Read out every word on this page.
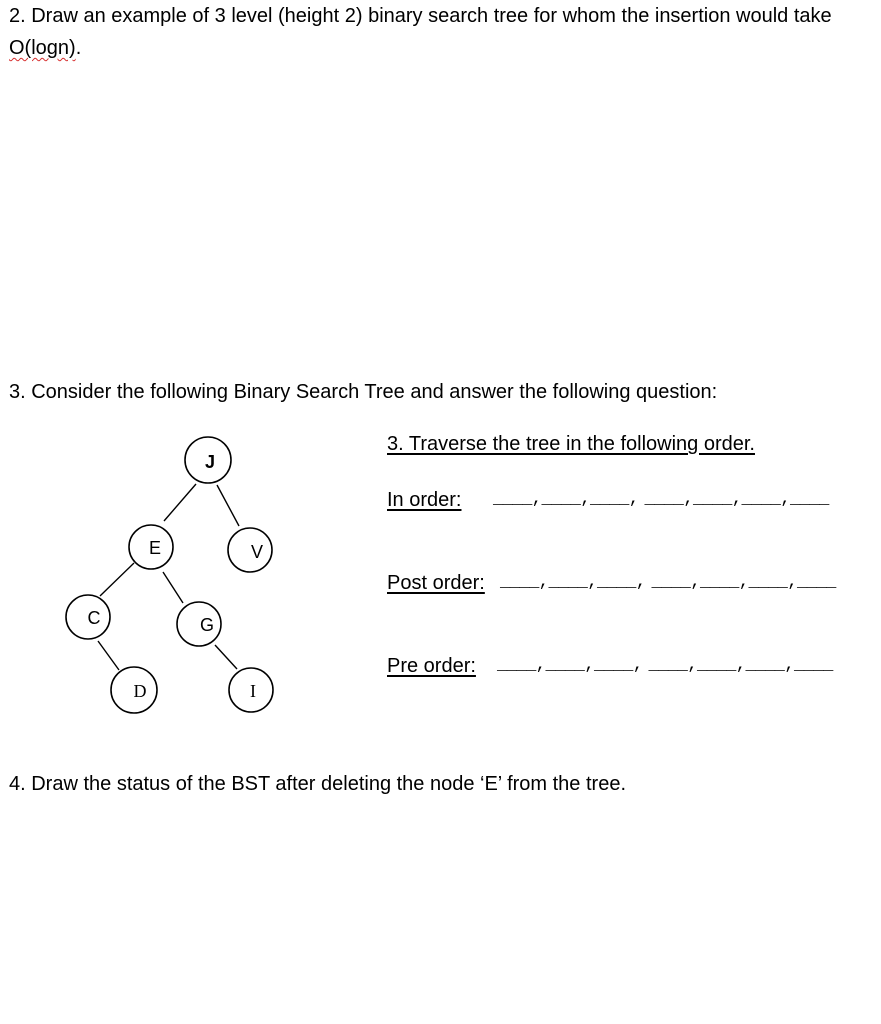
2. Draw an example of 3 level (height 2) binary search tree for whom the insertion would take O(logn).

3. Consider the following Binary Search Tree and answer the following question:

J
E	V
C	G
D	I
3. Traverse the tree in the following order.
In order: ____,____,____, ____,____,____,____
Post order: ____,____,____, ____,____,____,____
Pre order: ____,____,____, ____,____,____,____

4. Draw the status of the BST after deleting the node ‘E’ from the tree.
